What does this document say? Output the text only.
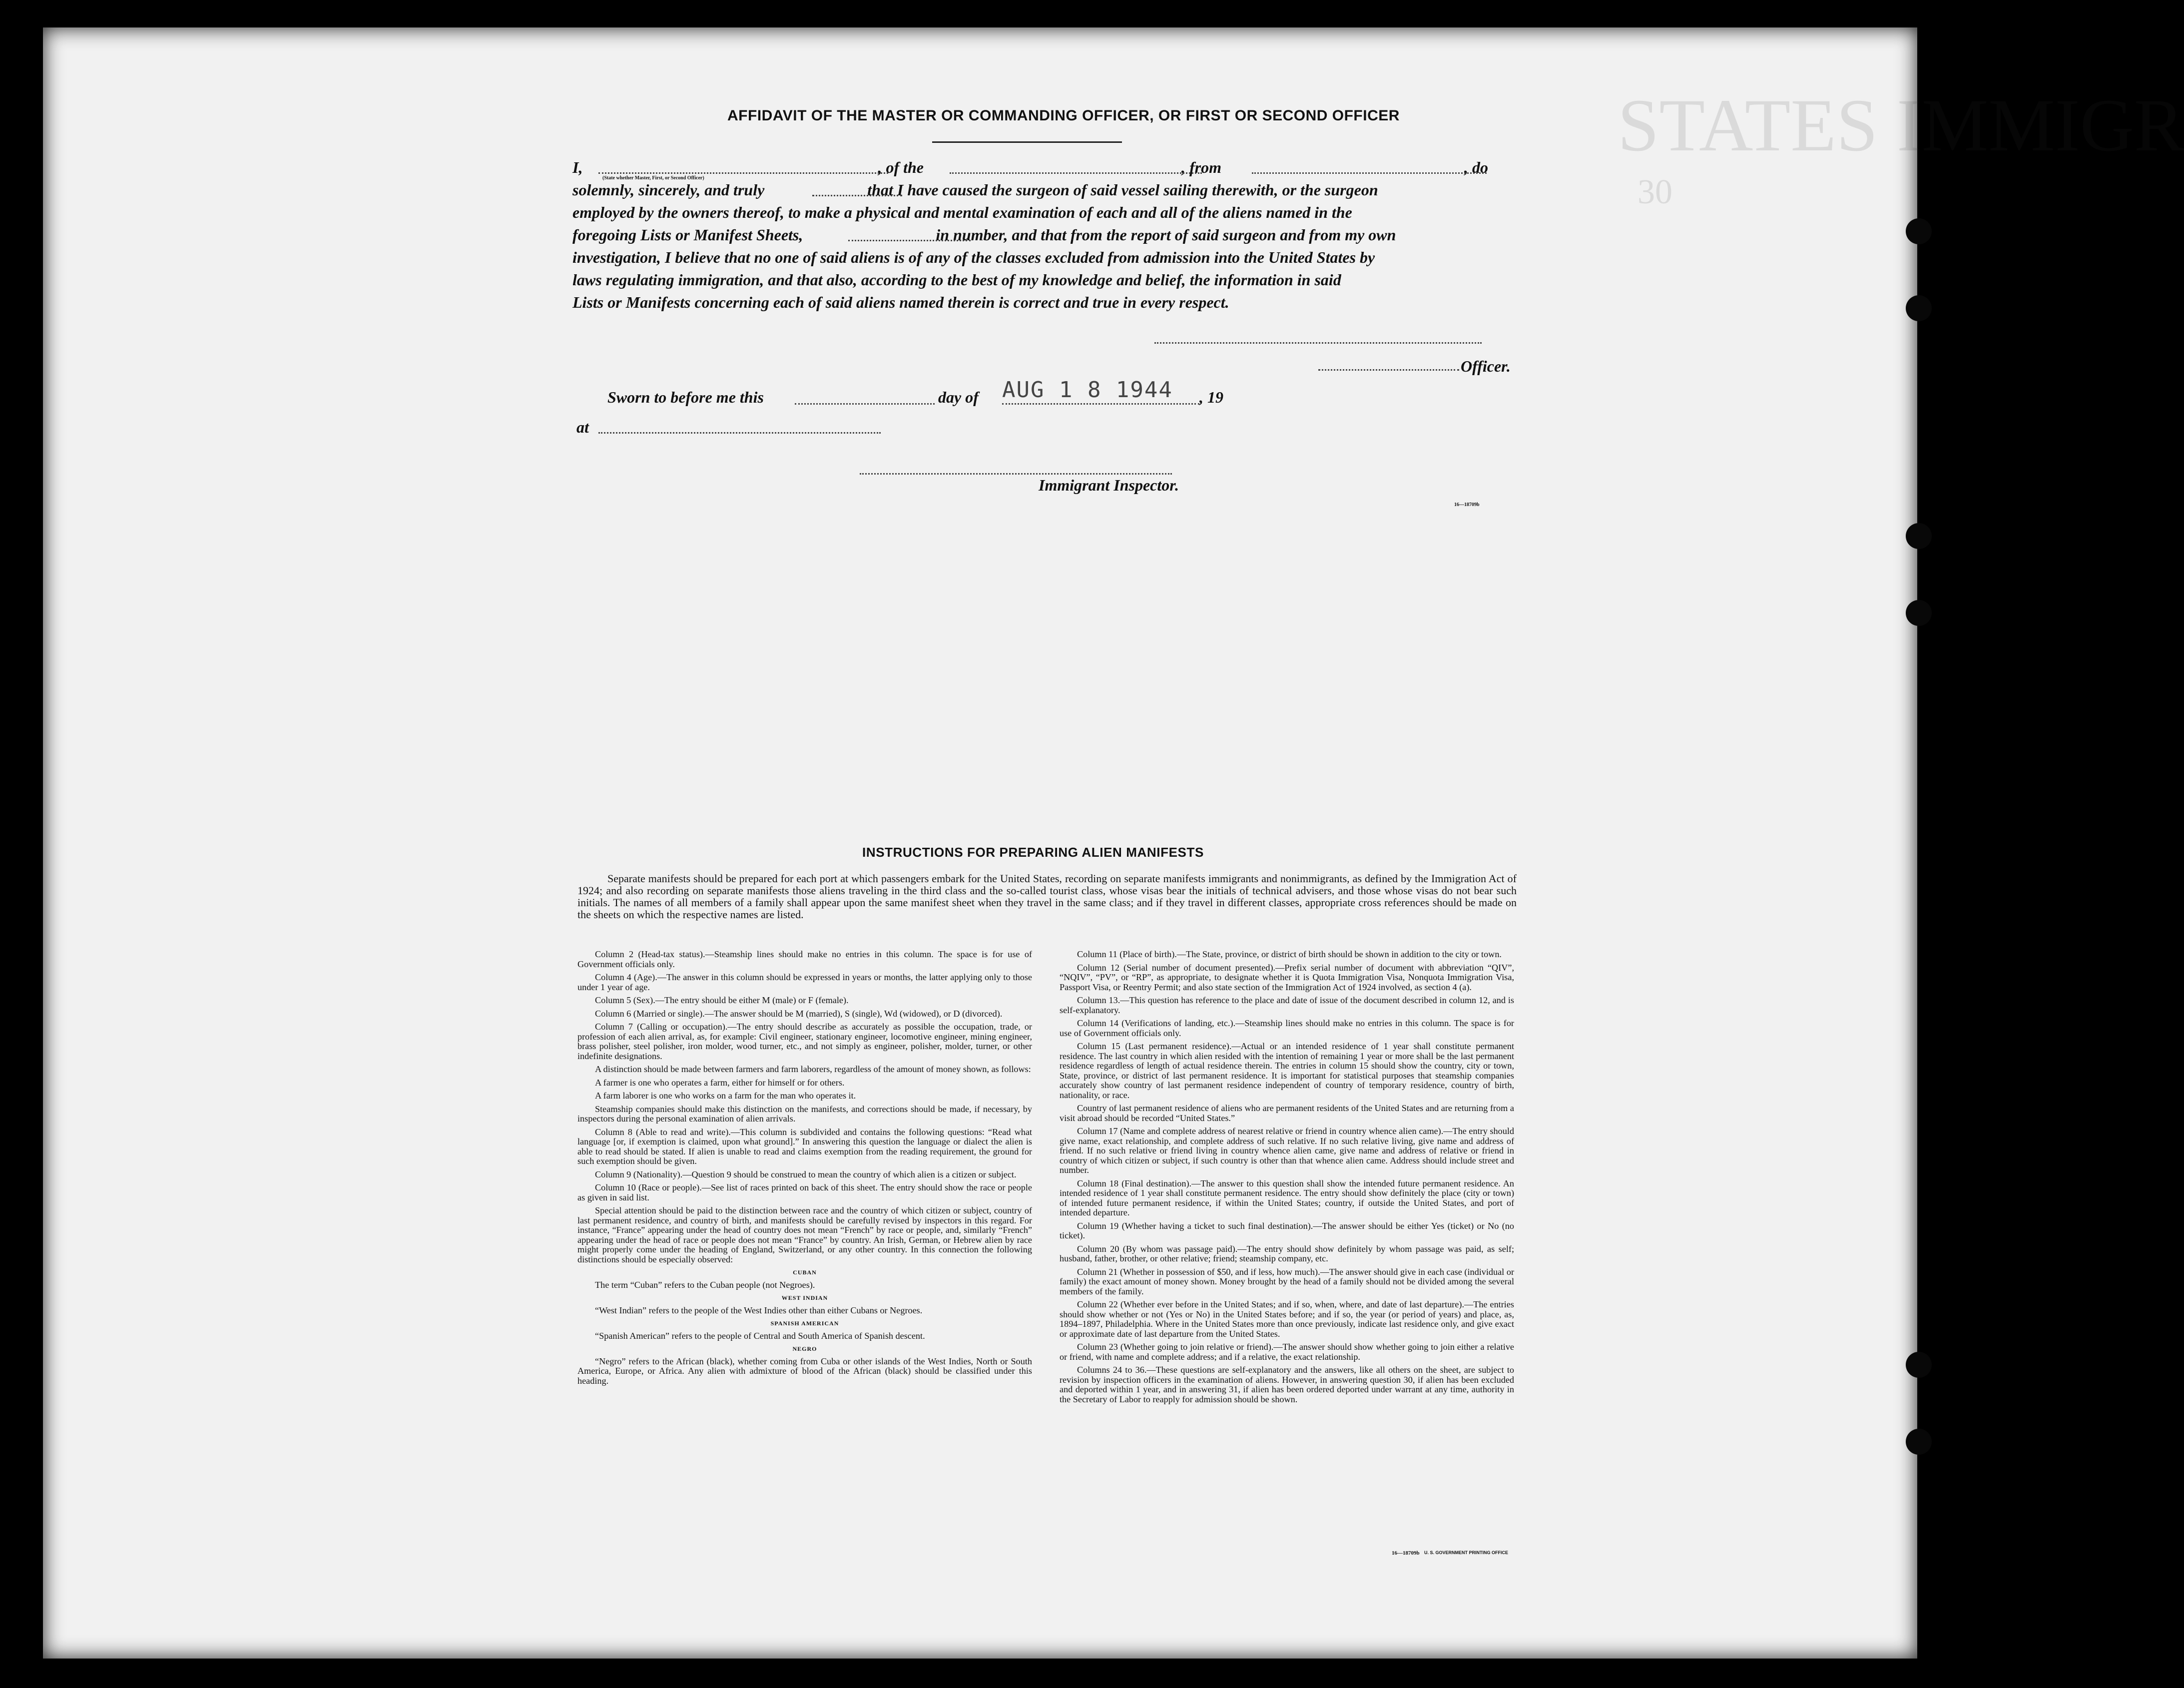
STATES IMMIGR
30
AFFIDAVIT OF THE MASTER OR COMMANDING OFFICER, OR FIRST OR SECOND OFFICER

I,	, of the	, from	, do

solemnly, sincerely, and truly	that I have caused the surgeon of said vessel sailing therewith, or the surgeon

employed by the owners thereof, to make a physical and mental examination of each and all of the aliens named in the

foregoing Lists or Manifest Sheets,	in number, and that from the report of said surgeon and from my own

investigation, I believe that no one of said aliens is of any of the classes excluded from admission into the United States by

laws regulating immigration, and that also, according to the best of my knowledge and belief, the information in said

Lists or Manifests concerning each of said aliens named therein is correct and true in every respect.

(State whether Master, First, or Second Officer)
Officer.
Sworn to before me this	day of AUG 1 8 1944 , 19
at
Immigrant Inspector.
16—18709b
INSTRUCTIONS FOR PREPARING ALIEN MANIFESTS
Separate manifests should be prepared for each port at which passengers embark for the United States, recording on separate manifests immigrants and nonimmigrants, as defined by the Immigration Act of 1924; and also recording on separate manifests those aliens traveling in the third class and the so-called tourist class, whose visas bear the initials of technical advisers, and those whose visas do not bear such initials. The names of all members of a family shall appear upon the same manifest sheet when they travel in the same class; and if they travel in different classes, appropriate cross references should be made on the sheets on which the respective names are listed.

Column 2 (Head-tax status).—Steamship lines should make no entries in this column. The space is for use of Government officials only.

Column 4 (Age).—The answer in this column should be expressed in years or months, the latter applying only to those under 1 year of age.

Column 5 (Sex).—The entry should be either M (male) or F (female).

Column 6 (Married or single).—The answer should be M (married), S (single), Wd (widowed), or D (divorced).

Column 7 (Calling or occupation).—The entry should describe as accurately as possible the occupation, trade, or profession of each alien arrival, as, for example: Civil engineer, stationary engineer, locomotive engineer, mining engineer, brass polisher, steel polisher, iron molder, wood turner, etc., and not simply as engineer, polisher, molder, turner, or other indefinite designations.

A distinction should be made between farmers and farm laborers, regardless of the amount of money shown, as follows:

A farmer is one who operates a farm, either for himself or for others.

A farm laborer is one who works on a farm for the man who operates it.

Steamship companies should make this distinction on the manifests, and corrections should be made, if necessary, by inspectors during the personal examination of alien arrivals.

Column 8 (Able to read and write).—This column is subdivided and contains the following questions: “Read what language [or, if exemption is claimed, upon what ground].” In answering this question the language or dialect the alien is able to read should be stated. If alien is unable to read and claims exemption from the reading requirement, the ground for such exemption should be given.

Column 9 (Nationality).—Question 9 should be construed to mean the country of which alien is a citizen or subject.

Column 10 (Race or people).—See list of races printed on back of this sheet. The entry should show the race or people as given in said list.

Special attention should be paid to the distinction between race and the country of which citizen or subject, country of last permanent residence, and country of birth, and manifests should be carefully revised by inspectors in this regard. For instance, “France” appearing under the head of country does not mean “French” by race or people, and, similarly “French” appearing under the head of race or people does not mean “France” by country. An Irish, German, or Hebrew alien by race might properly come under the heading of England, Switzerland, or any other country. In this connection the following distinctions should be especially observed:

CUBAN

The term “Cuban” refers to the Cuban people (not Negroes).

WEST INDIAN

“West Indian” refers to the people of the West Indies other than either Cubans or Negroes.

SPANISH AMERICAN

“Spanish American” refers to the people of Central and South America of Spanish descent.

NEGRO

“Negro” refers to the African (black), whether coming from Cuba or other islands of the West Indies, North or South America, Europe, or Africa. Any alien with admixture of blood of the African (black) should be classified under this heading.

Column 11 (Place of birth).—The State, province, or district of birth should be shown in addition to the city or town.

Column 12 (Serial number of document presented).—Prefix serial number of document with abbreviation “QIV”, “NQIV”, “PV”, or “RP”, as appropriate, to designate whether it is Quota Immigration Visa, Nonquota Immigration Visa, Passport Visa, or Reentry Permit; and also state section of the Immigration Act of 1924 involved, as section 4 (a).

Column 13.—This question has reference to the place and date of issue of the document described in column 12, and is self-explanatory.

Column 14 (Verifications of landing, etc.).—Steamship lines should make no entries in this column. The space is for use of Government officials only.

Column 15 (Last permanent residence).—Actual or an intended residence of 1 year shall constitute permanent residence. The last country in which alien resided with the intention of remaining 1 year or more shall be the last permanent residence regardless of length of actual residence therein. The entries in column 15 should show the country, city or town, State, province, or district of last permanent residence. It is important for statistical purposes that steamship companies accurately show country of last permanent residence independent of country of temporary residence, country of birth, nationality, or race.

Country of last permanent residence of aliens who are permanent residents of the United States and are returning from a visit abroad should be recorded “United States.”

Column 17 (Name and complete address of nearest relative or friend in country whence alien came).—The entry should give name, exact relationship, and complete address of such relative. If no such relative living, give name and address of friend. If no such relative or friend living in country whence alien came, give name and address of relative or friend in country of which citizen or subject, if such country is other than that whence alien came. Address should include street and number.

Column 18 (Final destination).—The answer to this question shall show the intended future permanent residence. An intended residence of 1 year shall constitute permanent residence. The entry should show definitely the place (city or town) of intended future permanent residence, if within the United States; country, if outside the United States, and port of intended departure.

Column 19 (Whether having a ticket to such final destination).—The answer should be either Yes (ticket) or No (no ticket).

Column 20 (By whom was passage paid).—The entry should show definitely by whom passage was paid, as self; husband, father, brother, or other relative; friend; steamship company, etc.

Column 21 (Whether in possession of $50, and if less, how much).—The answer should give in each case (individual or family) the exact amount of money shown. Money brought by the head of a family should not be divided among the several members of the family.

Column 22 (Whether ever before in the United States; and if so, when, where, and date of last departure).—The entries should show whether or not (Yes or No) in the United States before; and if so, the year (or period of years) and place, as, 1894–1897, Philadelphia. Where in the United States more than once previously, indicate last residence only, and give exact or approximate date of last departure from the United States.

Column 23 (Whether going to join relative or friend).—The answer should show whether going to join either a relative or friend, with name and complete address; and if a relative, the exact relationship.

Columns 24 to 36.—These questions are self-explanatory and the answers, like all others on the sheet, are subject to revision by inspection officers in the examination of aliens. However, in answering question 30, if alien has been excluded and deported within 1 year, and in answering 31, if alien has been ordered deported under warrant at any time, authority in the Secretary of Labor to reapply for admission should be shown.

16—18709b U. S. GOVERNMENT PRINTING OFFICE
